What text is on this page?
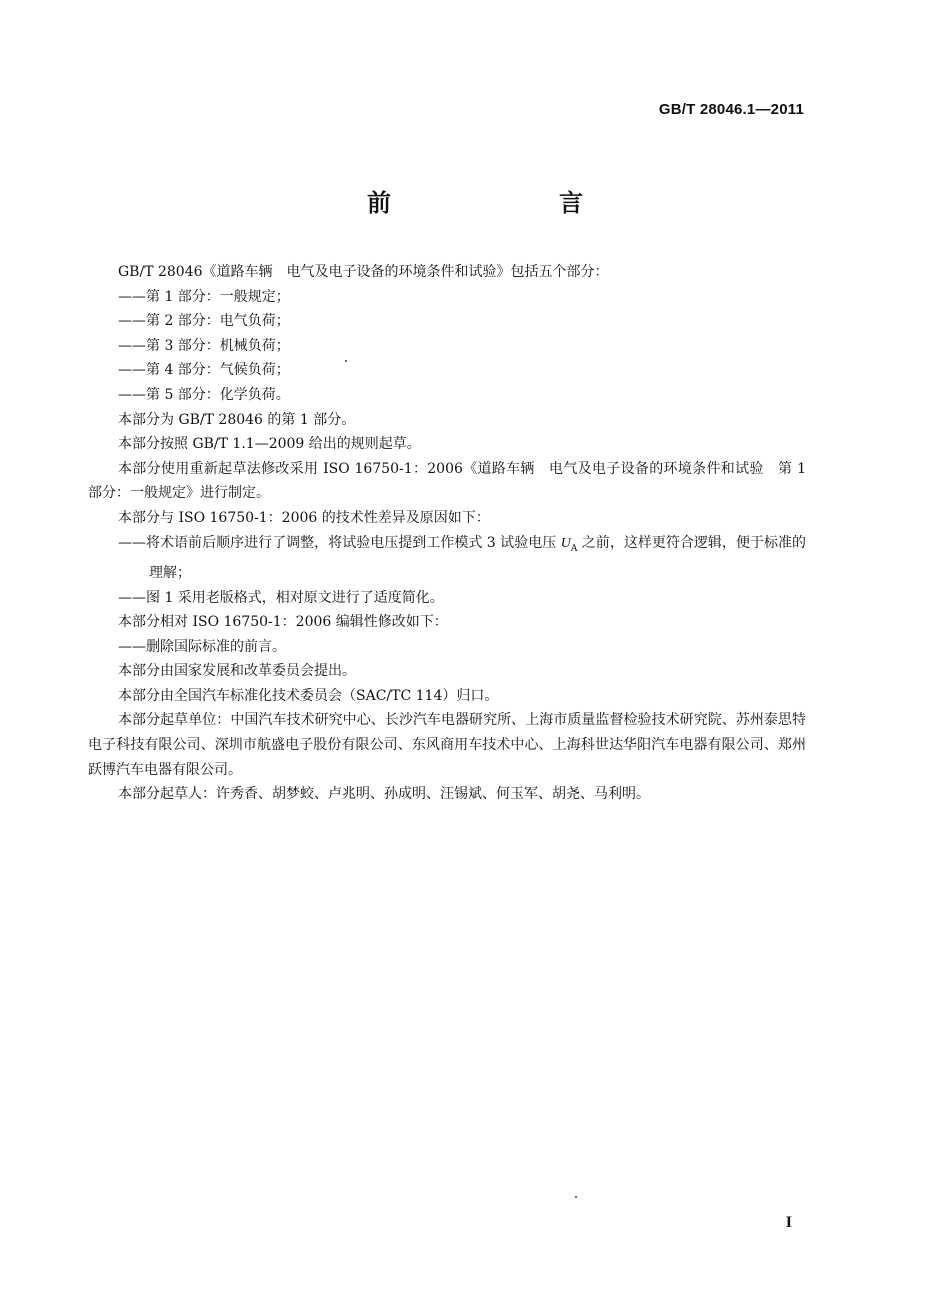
GB/T 28046.1—2011
前　　言

GB/T 28046《道路车辆　电气及电子设备的环境条件和试验》包括五个部分：

——第 1 部分：一般规定；

——第 2 部分：电气负荷；

——第 3 部分：机械负荷；

——第 4 部分：气候负荷；

——第 5 部分：化学负荷。

本部分为 GB/T 28046 的第 1 部分。

本部分按照 GB/T 1.1—2009 给出的规则起草。

本部分使用重新起草法修改采用 ISO 16750-1：2006《道路车辆　电气及电子设备的环境条件和试验　第 1 部分：一般规定》进行制定。

本部分与 ISO 16750-1：2006 的技术性差异及原因如下：

——将术语前后顺序进行了调整，将试验电压提到工作模式 3 试验电压 $U_A$ 之前，这样更符合逻辑，便于标准的理解；

——图 1 采用老版格式，相对原文进行了适度简化。

本部分相对 ISO 16750-1：2006 编辑性修改如下：

——删除国际标准的前言。

本部分由国家发展和改革委员会提出。

本部分由全国汽车标准化技术委员会（SAC/TC 114）归口。

本部分起草单位：中国汽车技术研究中心、长沙汽车电器研究所、上海市质量监督检验技术研究院、苏州泰思特电子科技有限公司、深圳市航盛电子股份有限公司、东风商用车技术中心、上海科世达华阳汽车电器有限公司、郑州跃博汽车电器有限公司。

本部分起草人：许秀香、胡梦蛟、卢兆明、孙成明、汪锡斌、何玉军、胡尧、马利明。

I
